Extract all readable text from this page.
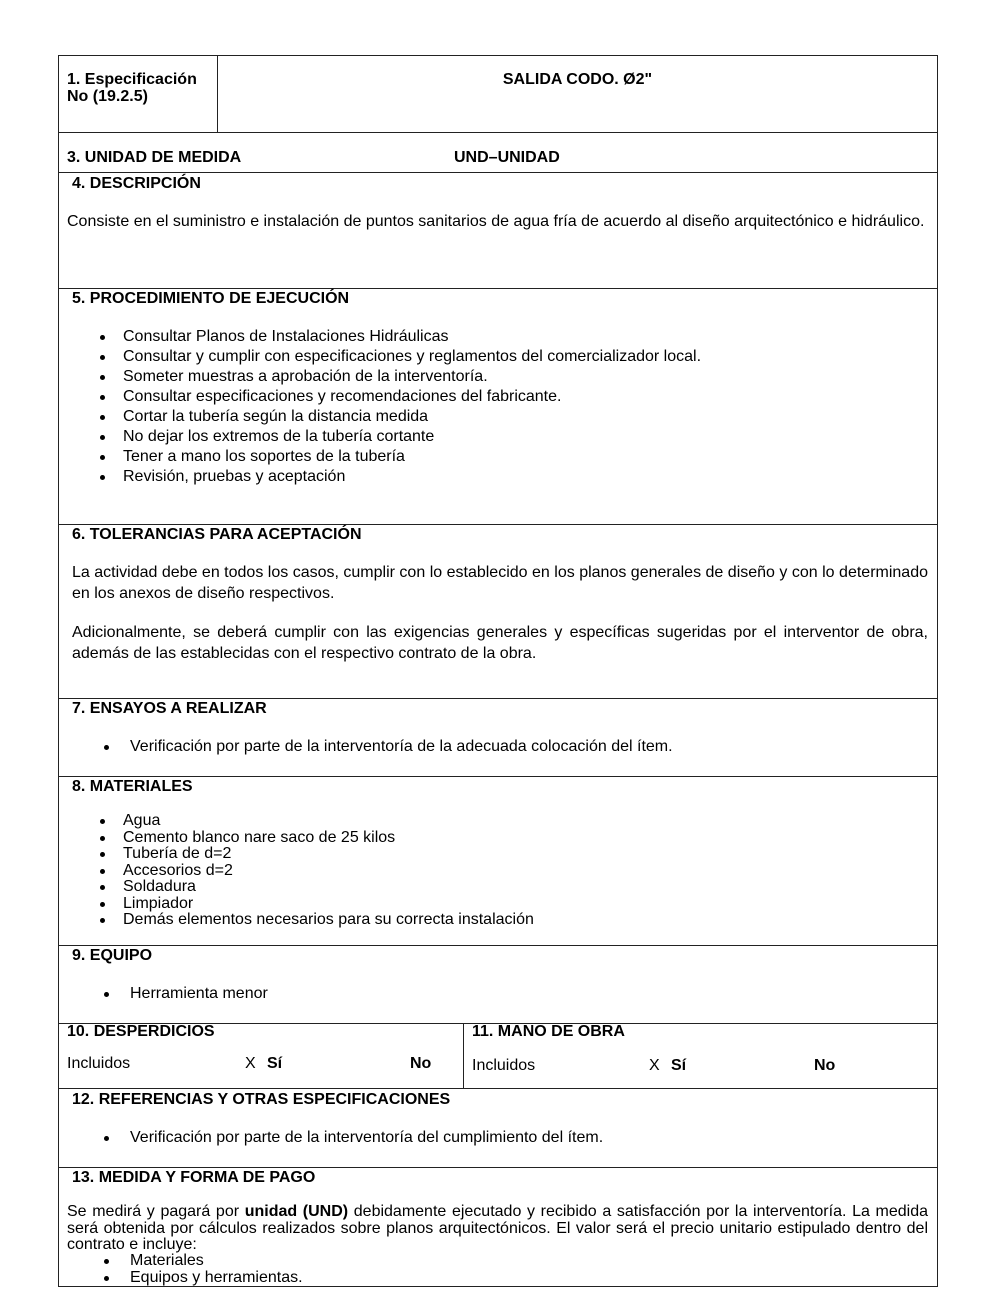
1. Especificación
No (19.2.5)
SALIDA CODO. Ø2"
3. UNIDAD DE MEDIDA	UND–UNIDAD
4. DESCRIPCIÓN
Consiste en el suministro e instalación de puntos sanitarios de agua fría de acuerdo al diseño arquitectónico e hidráulico.
5. PROCEDIMIENTO DE EJECUCIÓN
Consultar Planos de Instalaciones Hidráulicas
Consultar y cumplir con especificaciones y reglamentos del comercializador local.
Someter muestras a aprobación de la interventoría.
Consultar especificaciones y recomendaciones del fabricante.
Cortar la tubería según la distancia medida
No dejar los extremos de la tubería cortante
Tener a mano los soportes de la tubería
Revisión, pruebas y aceptación
6. TOLERANCIAS PARA ACEPTACIÓN
La actividad debe en todos los casos, cumplir con lo establecido en los planos generales de diseño y con lo determinado en los anexos de diseño respectivos.
Adicionalmente, se deberá cumplir con las exigencias generales y específicas sugeridas por el interventor de obra, además de las establecidas con el respectivo contrato de la obra.
7. ENSAYOS A REALIZAR
Verificación por parte de la interventoría de la adecuada colocación del ítem.
8. MATERIALES
Agua
Cemento blanco nare saco de 25 kilos
Tubería de d=2
Accesorios d=2
Soldadura
Limpiador
Demás elementos necesarios para su correcta instalación
9. EQUIPO
Herramienta menor
10. DESPERDICIOS
Incluidos	X Sí	No
11. MANO DE OBRA
Incluidos	X Sí	No
12. REFERENCIAS Y OTRAS ESPECIFICACIONES
Verificación por parte de la interventoría del cumplimiento del ítem.
13. MEDIDA Y FORMA DE PAGO
Se medirá y pagará por unidad (UND) debidamente ejecutado y recibido a satisfacción por la interventoría. La medida será obtenida por cálculos realizados sobre planos arquitectónicos. El valor será el precio unitario estipulado dentro del contrato e incluye:
Materiales
Equipos y herramientas.
